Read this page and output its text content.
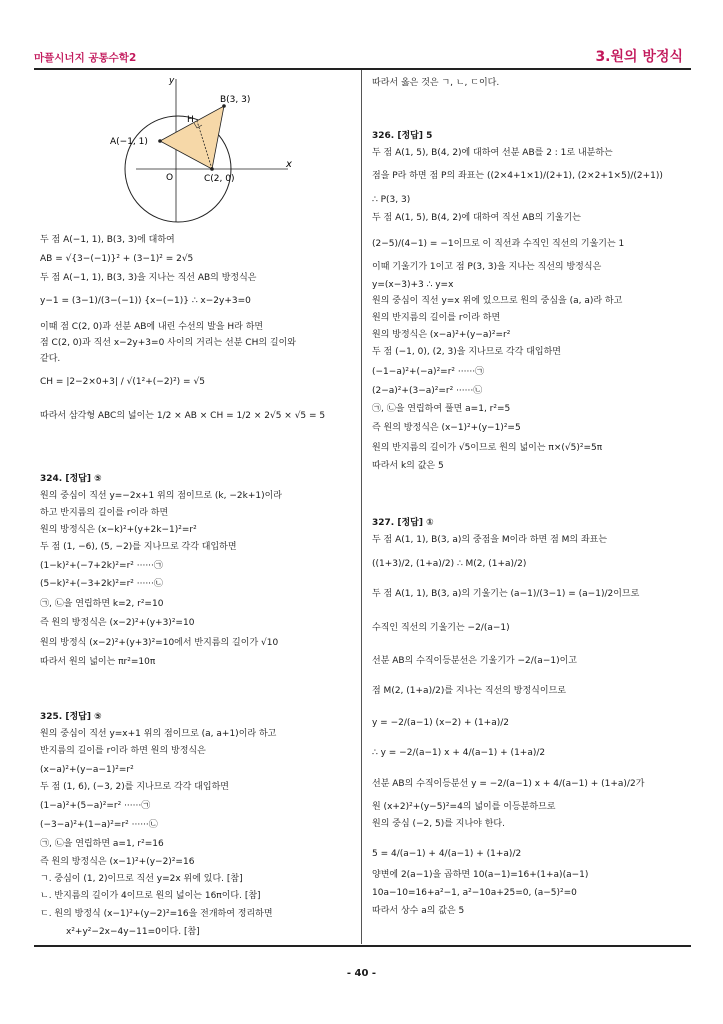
마플시너지 공통수학2	3.원의 방정식
y
x
O
A(−1, 1)
B(3, 3)
C(2, 0)
H
두 점 A(−1, 1), B(3, 3)에 대하여
AB = √{3−(−1)}² + (3−1)² = 2√5
두 점 A(−1, 1), B(3, 3)을 지나는 직선 AB의 방정식은
y−1 = (3−1)/(3−(−1)) {x−(−1)} ∴ x−2y+3=0
이때 점 C(2, 0)과 선분 AB에 내린 수선의 발을 H라 하면
점 C(2, 0)과 직선 x−2y+3=0 사이의 거리는 선분 CH의 길이와
같다.
CH = |2−2×0+3| / √(1²+(−2)²) = √5
따라서 삼각형 ABC의 넓이는 1/2 × AB × CH = 1/2 × 2√5 × √5 = 5
324. [정답] ⑤
원의 중심이 직선 y=−2x+1 위의 점이므로 (k, −2k+1)이라
하고 반지름의 길이를 r이라 하면
원의 방정식은 (x−k)²+(y+2k−1)²=r²
두 점 (1, −6), (5, −2)를 지나므로 각각 대입하면
(1−k)²+(−7+2k)²=r² ······㉠
(5−k)²+(−3+2k)²=r² ······㉡
㉠, ㉡을 연립하면 k=2, r²=10
즉 원의 방정식은 (x−2)²+(y+3)²=10
원의 방정식 (x−2)²+(y+3)²=10에서 반지름의 길이가 √10
따라서 원의 넓이는 πr²=10π
325. [정답] ⑤
원의 중심이 직선 y=x+1 위의 점이므로 (a, a+1)이라 하고
반지름의 길이를 r이라 하면 원의 방정식은
(x−a)²+(y−a−1)²=r²
두 점 (1, 6), (−3, 2)를 지나므로 각각 대입하면
(1−a)²+(5−a)²=r² ······㉠
(−3−a)²+(1−a)²=r² ······㉡
㉠, ㉡을 연립하면 a=1, r²=16
즉 원의 방정식은 (x−1)²+(y−2)²=16
ㄱ. 중심이 (1, 2)이므로 직선 y=2x 위에 있다. [참]
ㄴ. 반지름의 길이가 4이므로 원의 넓이는 16π이다. [참]
ㄷ. 원의 방정식 (x−1)²+(y−2)²=16을 전개하여 정리하면
x²+y²−2x−4y−11=0이다. [참]
따라서 옳은 것은 ㄱ, ㄴ, ㄷ이다.
326. [정답] 5
두 점 A(1, 5), B(4, 2)에 대하여 선분 AB를 2 : 1로 내분하는
점을 P라 하면 점 P의 좌표는 ((2×4+1×1)/(2+1), (2×2+1×5)/(2+1))
∴ P(3, 3)
두 점 A(1, 5), B(4, 2)에 대하여 직선 AB의 기울기는
(2−5)/(4−1) = −1이므로 이 직선과 수직인 직선의 기울기는 1
이때 기울기가 1이고 점 P(3, 3)을 지나는 직선의 방정식은
y=(x−3)+3 ∴ y=x
원의 중심이 직선 y=x 위에 있으므로 원의 중심을 (a, a)라 하고
원의 반지름의 길이를 r이라 하면
원의 방정식은 (x−a)²+(y−a)²=r²
두 점 (−1, 0), (2, 3)을 지나므로 각각 대입하면
(−1−a)²+(−a)²=r² ······㉠
(2−a)²+(3−a)²=r² ······㉡
㉠, ㉡을 연립하여 풀면 a=1, r²=5
즉 원의 방정식은 (x−1)²+(y−1)²=5
원의 반지름의 길이가 √5이므로 원의 넓이는 π×(√5)²=5π
따라서 k의 값은 5
327. [정답] ①
두 점 A(1, 1), B(3, a)의 중점을 M이라 하면 점 M의 좌표는
((1+3)/2, (1+a)/2) ∴ M(2, (1+a)/2)
두 점 A(1, 1), B(3, a)의 기울기는 (a−1)/(3−1) = (a−1)/2이므로
수직인 직선의 기울기는 −2/(a−1)
선분 AB의 수직이등분선은 기울기가 −2/(a−1)이고
점 M(2, (1+a)/2)를 지나는 직선의 방정식이므로
y = −2/(a−1) (x−2) + (1+a)/2
∴ y = −2/(a−1) x + 4/(a−1) + (1+a)/2
선분 AB의 수직이등분선 y = −2/(a−1) x + 4/(a−1) + (1+a)/2가
원 (x+2)²+(y−5)²=4의 넓이를 이등분하므로
원의 중심 (−2, 5)를 지나야 한다.
5 = 4/(a−1) + 4/(a−1) + (1+a)/2
양변에 2(a−1)을 곱하면 10(a−1)=16+(1+a)(a−1)
10a−10=16+a²−1, a²−10a+25=0, (a−5)²=0
따라서 상수 a의 값은 5
- 40 -
